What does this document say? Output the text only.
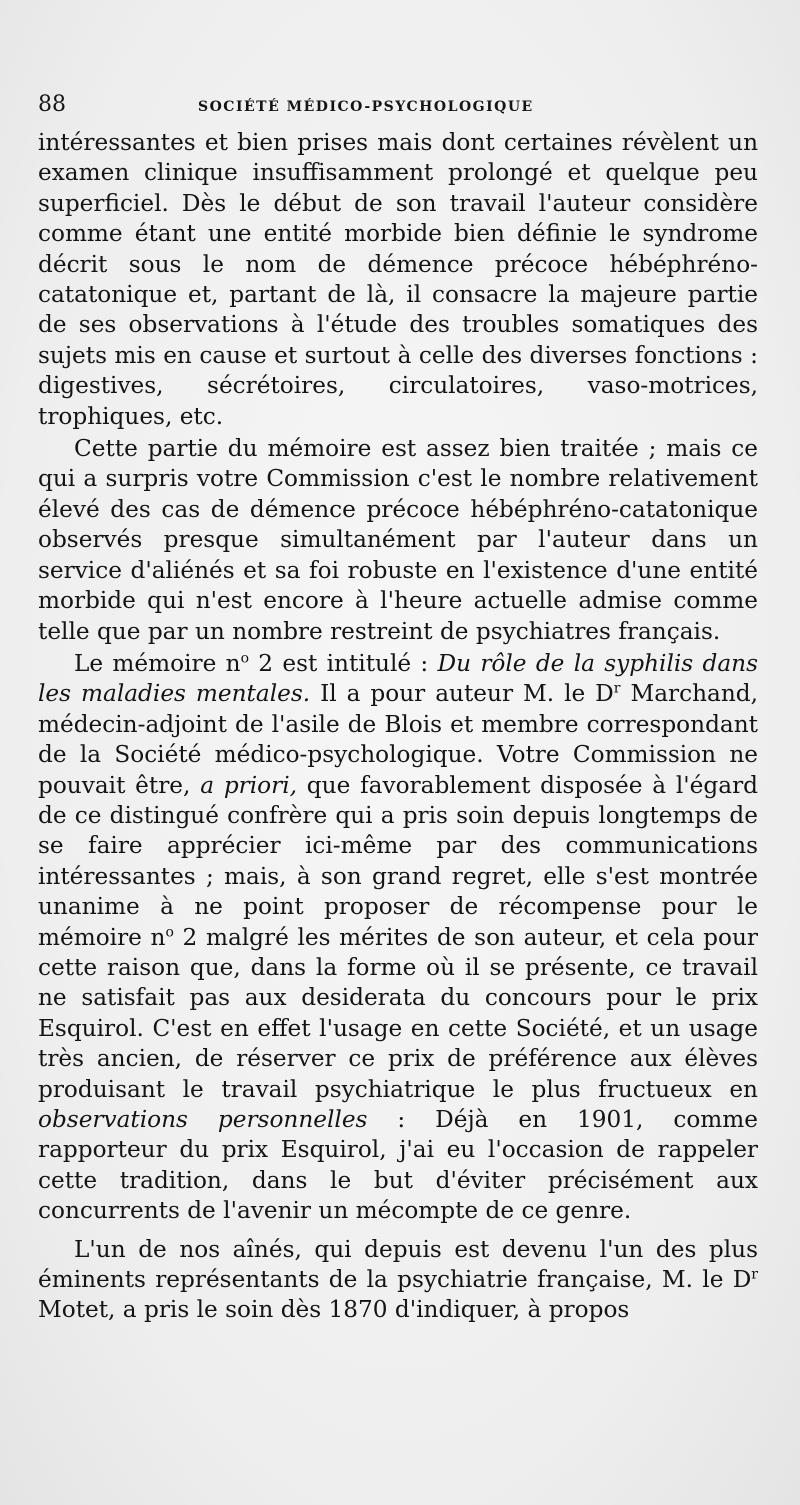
88	SOCIÉTÉ MÉDICO-PSYCHOLOGIQUE

intéressantes et bien prises mais dont certaines révèlent un examen clinique insuffisamment prolongé et quelque peu superficiel. Dès le début de son travail l'auteur considère comme étant une entité morbide bien définie le syndrome décrit sous le nom de démence précoce hébéphréno-catatonique et, partant de là, il consacre la majeure partie de ses observations à l'étude des troubles somatiques des sujets mis en cause et surtout à celle des diverses fonctions : digestives, sécrétoires, circulatoires, vaso-motrices, trophiques, etc.

Cette partie du mémoire est assez bien traitée ; mais ce qui a surpris votre Commission c'est le nombre relativement élevé des cas de démence précoce hébéphréno-catatonique observés presque simultanément par l'auteur dans un service d'aliénés et sa foi robuste en l'existence d'une entité morbide qui n'est encore à l'heure actuelle admise comme telle que par un nombre restreint de psychiatres français.

Le mémoire $n^o$ 2 est intitulé : Du rôle de la syphilis dans les maladies mentales. Il a pour auteur M. le $D^r$ Marchand, médecin-adjoint de l'asile de Blois et membre correspondant de la Société médico-psychologique. Votre Commission ne pouvait être, a priori, que favorablement disposée à l'égard de ce distingué confrère qui a pris soin depuis longtemps de se faire apprécier ici-même par des communications intéressantes ; mais, à son grand regret, elle s'est montrée unanime à ne point proposer de récompense pour le mémoire $n^o$ 2 malgré les mérites de son auteur, et cela pour cette raison que, dans la forme où il se présente, ce travail ne satisfait pas aux desiderata du concours pour le prix Esquirol. C'est en effet l'usage en cette Société, et un usage très ancien, de réserver ce prix de préférence aux élèves produisant le travail psychiatrique le plus fructueux en observations personnelles : Déjà en 1901, comme rapporteur du prix Esquirol, j'ai eu l'occasion de rappeler cette tradition, dans le but d'éviter précisément aux concurrents de l'avenir un mécompte de ce genre.

L'un de nos aînés, qui depuis est devenu l'un des plus éminents représentants de la psychiatrie française, M. le $D^r$ Motet, a pris le soin dès 1870 d'indiquer, à propos
